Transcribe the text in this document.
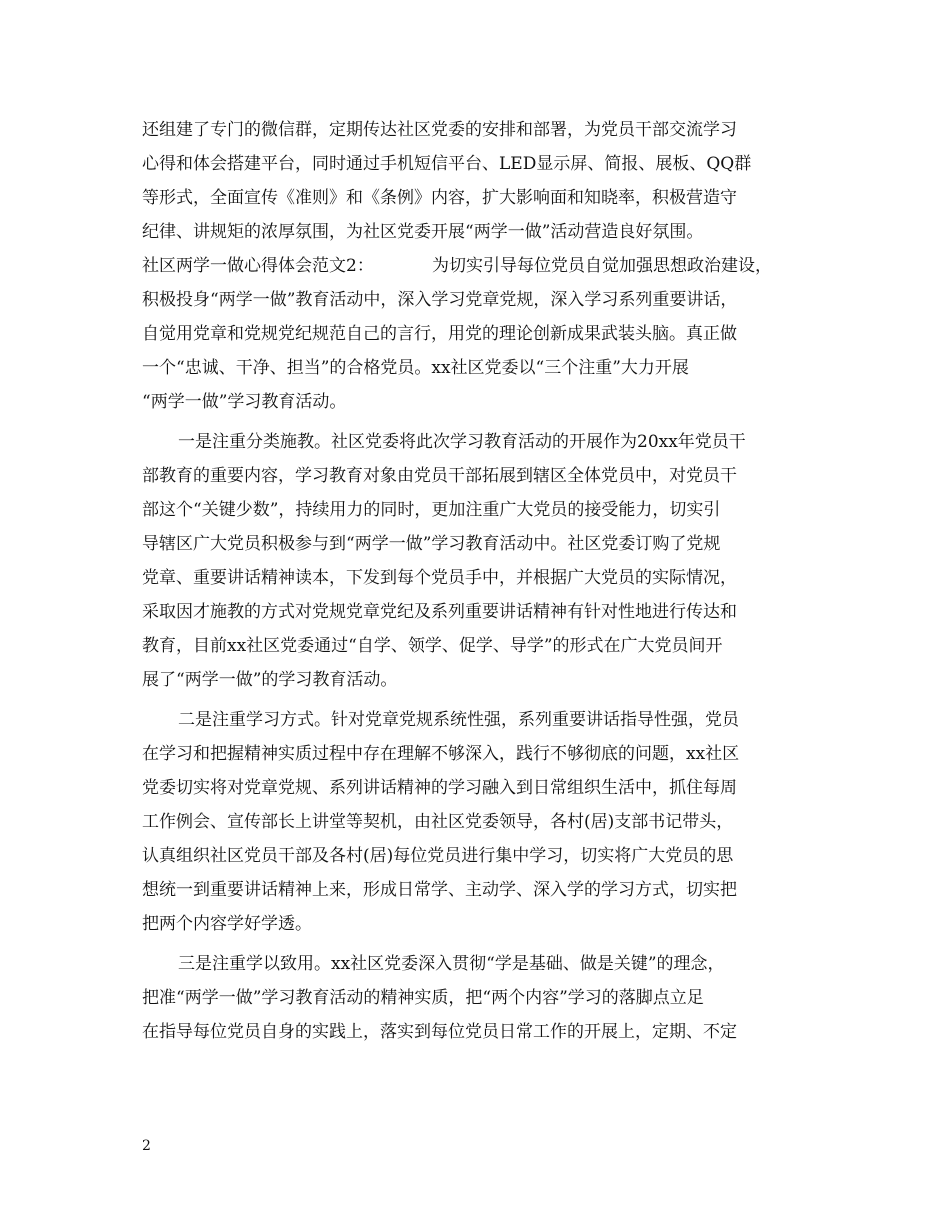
还组建了专门的微信群，定期传达社区党委的安排和部署，为党员干部交流学习
心得和体会搭建平台，同时通过手机短信平台、LED显示屏、简报、展板、QQ群
等形式，全面宣传《准则》和《条例》内容，扩大影响面和知晓率，积极营造守
纪律、讲规矩的浓厚氛围，为社区党委开展“两学一做”活动营造良好氛围。
社区两学一做心得体会范文2：	为切实引导每位党员自觉加强思想政治建设，
积极投身“两学一做”教育活动中，深入学习党章党规，深入学习系列重要讲话，
自觉用党章和党规党纪规范自己的言行，用党的理论创新成果武装头脑。真正做
一个“忠诚、干净、担当”的合格党员。xx社区党委以“三个注重”大力开展
“两学一做”学习教育活动。
一是注重分类施教。社区党委将此次学习教育活动的开展作为20xx年党员干
部教育的重要内容，学习教育对象由党员干部拓展到辖区全体党员中，对党员干
部这个“关键少数”，持续用力的同时，更加注重广大党员的接受能力，切实引
导辖区广大党员积极参与到“两学一做”学习教育活动中。社区党委订购了党规
党章、重要讲话精神读本，下发到每个党员手中，并根据广大党员的实际情况，
采取因才施教的方式对党规党章党纪及系列重要讲话精神有针对性地进行传达和
教育，目前xx社区党委通过“自学、领学、促学、导学”的形式在广大党员间开
展了“两学一做”的学习教育活动。
二是注重学习方式。针对党章党规系统性强，系列重要讲话指导性强，党员
在学习和把握精神实质过程中存在理解不够深入，践行不够彻底的问题，xx社区
党委切实将对党章党规、系列讲话精神的学习融入到日常组织生活中，抓住每周
工作例会、宣传部长上讲堂等契机，由社区党委领导，各村(居)支部书记带头，
认真组织社区党员干部及各村(居)每位党员进行集中学习，切实将广大党员的思
想统一到重要讲话精神上来，形成日常学、主动学、深入学的学习方式，切实把
把两个内容学好学透。
三是注重学以致用。xx社区党委深入贯彻“学是基础、做是关键”的理念，
把准“两学一做”学习教育活动的精神实质，把“两个内容”学习的落脚点立足
在指导每位党员自身的实践上，落实到每位党员日常工作的开展上，定期、不定
2
